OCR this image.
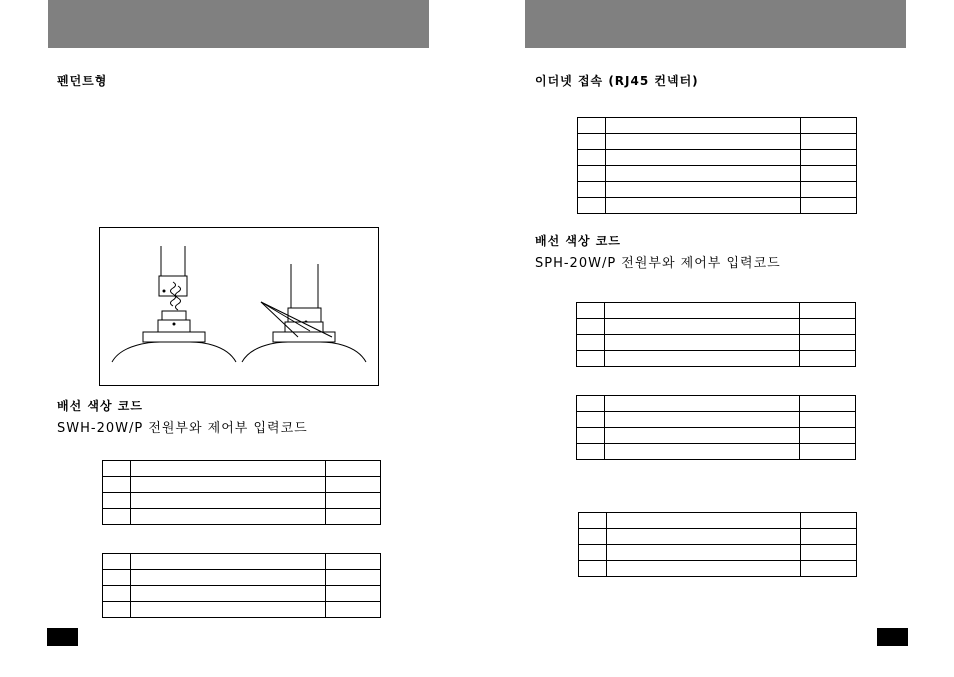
펜던트형
배선 색상 코드
SWH-20W/P 전원부와 제어부 입력코드

이더넷 접속 (RJ45 컨넥터)

배선 색상 코드
SPH-20W/P 전원부와 제어부 입력코드
